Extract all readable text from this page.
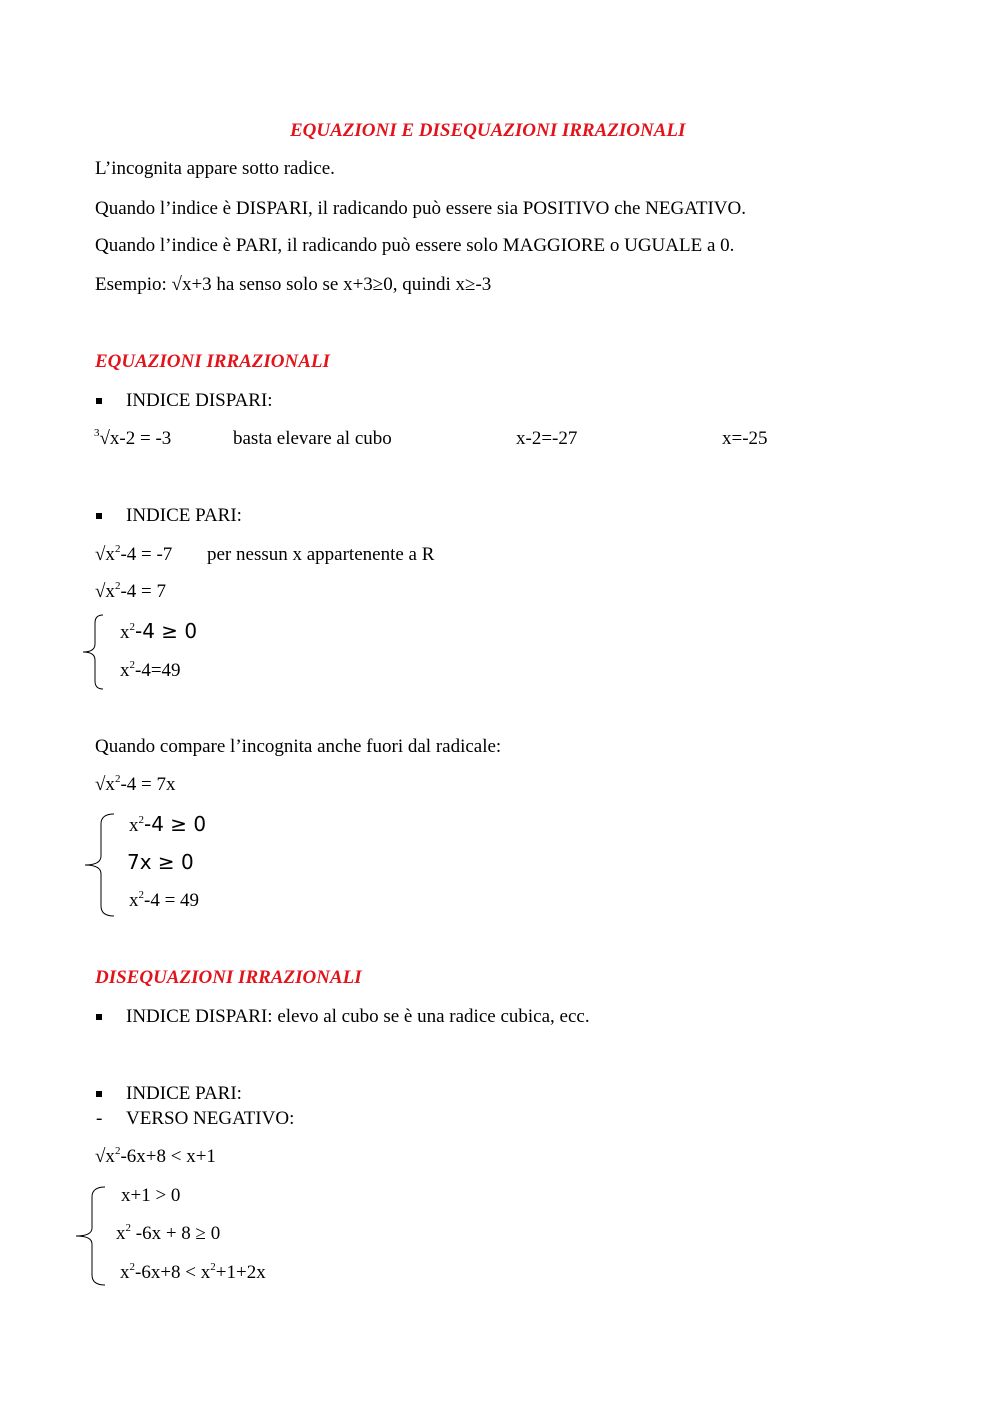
EQUAZIONI E DISEQUAZIONI IRRAZIONALI
L’incognita appare sotto radice.
Quando l’indice è DISPARI, il radicando può essere sia POSITIVO che NEGATIVO.
Quando l’indice è PARI, il radicando può essere solo MAGGIORE o UGUALE a 0.
Esempio: √x+3 ha senso solo se x+3≥0, quindi x≥-3
EQUAZIONI IRRAZIONALI
INDICE DISPARI:
$^3$√x-2 = -3	basta elevare al cubo	x-2=-27	x=-25
INDICE PARI:
$√x^2-4 = -7$ per nessun x appartenente a R
$√x^2-4 = 7$
$x^2-4 \ge 0$
$x^2-4=49$
Quando compare l’incognita anche fuori dal radicale:
$√x^2-4 = 7x$
$x^2-4 \ge 0$
7x ≥ 0
$x^2-4 = 49$
DISEQUAZIONI IRRAZIONALI
INDICE DISPARI: elevo al cubo se è una radice cubica, ecc.
INDICE PARI:
- VERSO NEGATIVO:
$√x^2-6x+8 < x+1$
x+1 > 0
$x^2$ -6x + 8 ≥ 0
$x^2-6x+8 < x^2+1+2x$
